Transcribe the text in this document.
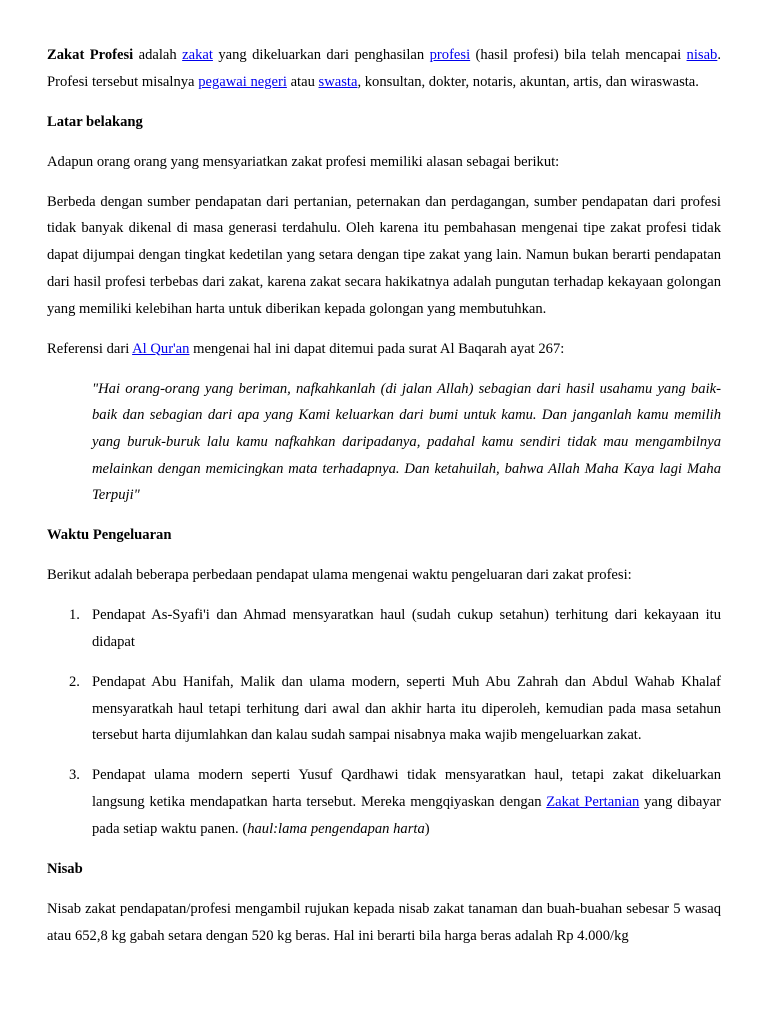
Zakat Profesi adalah zakat yang dikeluarkan dari penghasilan profesi (hasil profesi) bila telah mencapai nisab. Profesi tersebut misalnya pegawai negeri atau swasta, konsultan, dokter, notaris, akuntan, artis, dan wiraswasta.

Latar belakang

Adapun orang orang yang mensyariatkan zakat profesi memiliki alasan sebagai berikut:

Berbeda dengan sumber pendapatan dari pertanian, peternakan dan perdagangan, sumber pendapatan dari profesi tidak banyak dikenal di masa generasi terdahulu. Oleh karena itu pembahasan mengenai tipe zakat profesi tidak dapat dijumpai dengan tingkat kedetilan yang setara dengan tipe zakat yang lain. Namun bukan berarti pendapatan dari hasil profesi terbebas dari zakat, karena zakat secara hakikatnya adalah pungutan terhadap kekayaan golongan yang memiliki kelebihan harta untuk diberikan kepada golongan yang membutuhkan.

Referensi dari Al Qur'an mengenai hal ini dapat ditemui pada surat Al Baqarah ayat 267:

"Hai orang-orang yang beriman, nafkahkanlah (di jalan Allah) sebagian dari hasil usahamu yang baik-baik dan sebagian dari apa yang Kami keluarkan dari bumi untuk kamu. Dan janganlah kamu memilih yang buruk-buruk lalu kamu nafkahkan daripadanya, padahal kamu sendiri tidak mau mengambilnya melainkan dengan memicingkan mata terhadapnya. Dan ketahuilah, bahwa Allah Maha Kaya lagi Maha Terpuji"

Waktu Pengeluaran

Berikut adalah beberapa perbedaan pendapat ulama mengenai waktu pengeluaran dari zakat profesi:

1. Pendapat As-Syafi'i dan Ahmad mensyaratkan haul (sudah cukup setahun) terhitung dari kekayaan itu didapat
2. Pendapat Abu Hanifah, Malik dan ulama modern, seperti Muh Abu Zahrah dan Abdul Wahab Khalaf mensyaratkah haul tetapi terhitung dari awal dan akhir harta itu diperoleh, kemudian pada masa setahun tersebut harta dijumlahkan dan kalau sudah sampai nisabnya maka wajib mengeluarkan zakat.
3. Pendapat ulama modern seperti Yusuf Qardhawi tidak mensyaratkan haul, tetapi zakat dikeluarkan langsung ketika mendapatkan harta tersebut. Mereka mengqiyaskan dengan Zakat Pertanian yang dibayar pada setiap waktu panen. (haul:lama pengendapan harta)
Nisab

Nisab zakat pendapatan/profesi mengambil rujukan kepada nisab zakat tanaman dan buah-buahan sebesar 5 wasaq atau 652,8 kg gabah setara dengan 520 kg beras. Hal ini berarti bila harga beras adalah Rp 4.000/kg
